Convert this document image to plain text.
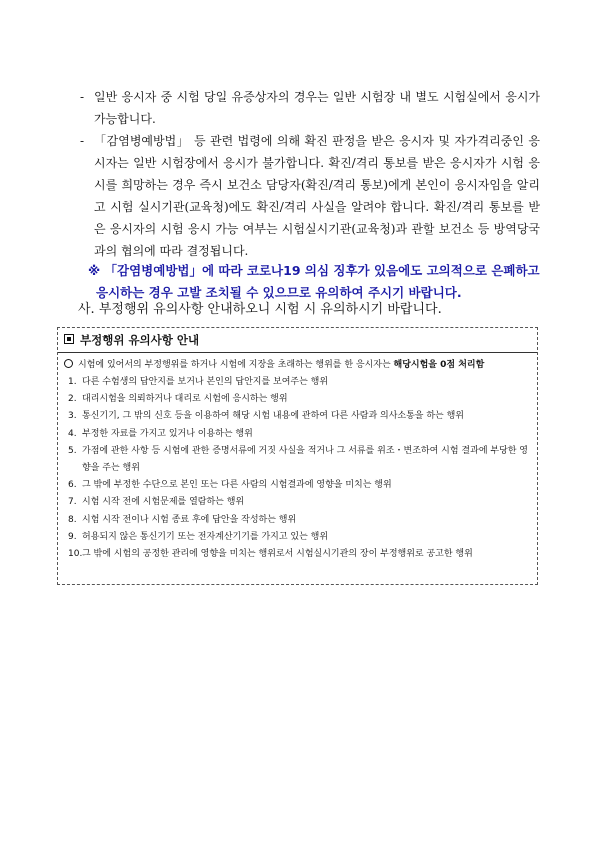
- 일반 응시자 중 시험 당일 유증상자의 경우는 일반 시험장 내 별도 시험실에서 응시가 가능합니다.
- 「감염병예방법」 등 관련 법령에 의해 확진 판정을 받은 응시자 및 자가격리중인 응시자는 일반 시험장에서 응시가 불가합니다. 확진/격리 통보를 받은 응시자가 시험 응시를 희망하는 경우 즉시 보건소 담당자(확진/격리 통보)에게 본인이 응시자임을 알리고 시험 실시기관(교육청)에도 확진/격리 사실을 알려야 합니다. 확진/격리 통보를 받은 응시자의 시험 응시 가능 여부는 시험실시기관(교육청)과 관할 보건소 등 방역당국과의 협의에 따라 결정됩니다.
※ 「감염병예방법」에 따라 코로나19 의심 징후가 있음에도 고의적으로 은폐하고
응시하는 경우 고발 조치될 수 있으므로 유의하여 주시기 바랍니다.
사. 부정행위 유의사항 안내하오니 시험 시 유의하시기 바랍니다.
부정행위 유의사항 안내
시험에 있어서의 부정행위를 하거나 시험에 지장을 초래하는 행위를 한 응시자는 해당시험을 0점 처리함
1. 다른 수험생의 답안지를 보거나 본인의 답안지를 보여주는 행위
2. 대리시험을 의뢰하거나 대리로 시험에 응시하는 행위
3. 통신기기, 그 밖의 신호 등을 이용하여 해당 시험 내용에 관하여 다른 사람과 의사소통을 하는 행위
4. 부정한 자료를 가지고 있거나 이용하는 행위
5. 가점에 관한 사항 등 시험에 관한 증명서류에 거짓 사실을 적거나 그 서류를 위조・변조하여 시험 결과에 부당한 영향을 주는 행위
6. 그 밖에 부정한 수단으로 본인 또는 다른 사람의 시험결과에 영향을 미치는 행위
7. 시험 시작 전에 시험문제를 열람하는 행위
8. 시험 시작 전이나 시험 종료 후에 답안을 작성하는 행위
9. 허용되지 않은 통신기기 또는 전자계산기기를 가지고 있는 행위
10. 그 밖에 시험의 공정한 관리에 영향을 미치는 행위로서 시험실시기관의 장이 부정행위로 공고한 행위
